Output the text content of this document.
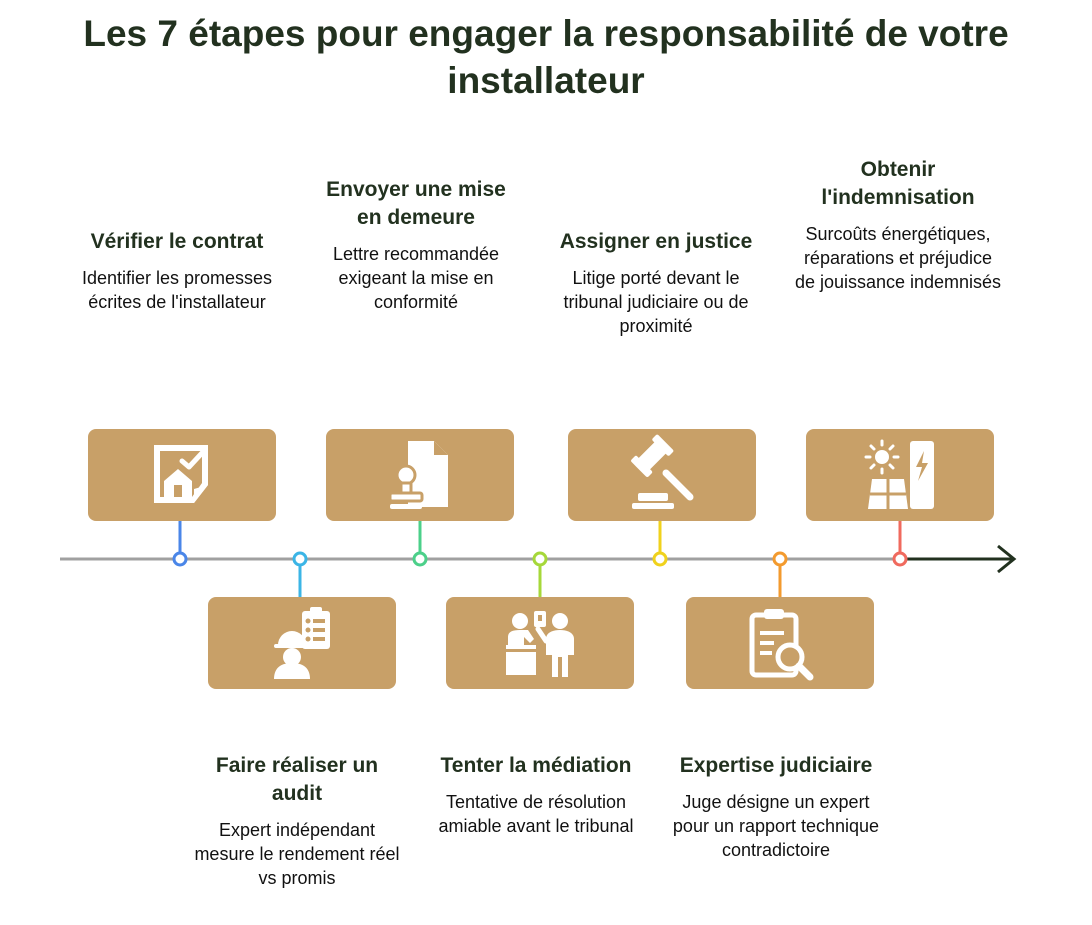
Les 7 étapes pour engager la responsabilité de votre installateur
Vérifier le contrat
Identifier les promesses écrites de l'installateur
Faire réaliser un audit
Expert indépendant mesure le rendement réel vs promis
Envoyer une mise en demeure
Lettre recommandée exigeant la mise en conformité
Tenter la médiation
Tentative de résolution amiable avant le tribunal
Assigner en justice
Litige porté devant le tribunal judiciaire ou de proximité
Expertise judiciaire
Juge désigne un expert pour un rapport technique contradictoire
Obtenir l'indemnisation
Surcoûts énergétiques, réparations et préjudice de jouissance indemnisés
